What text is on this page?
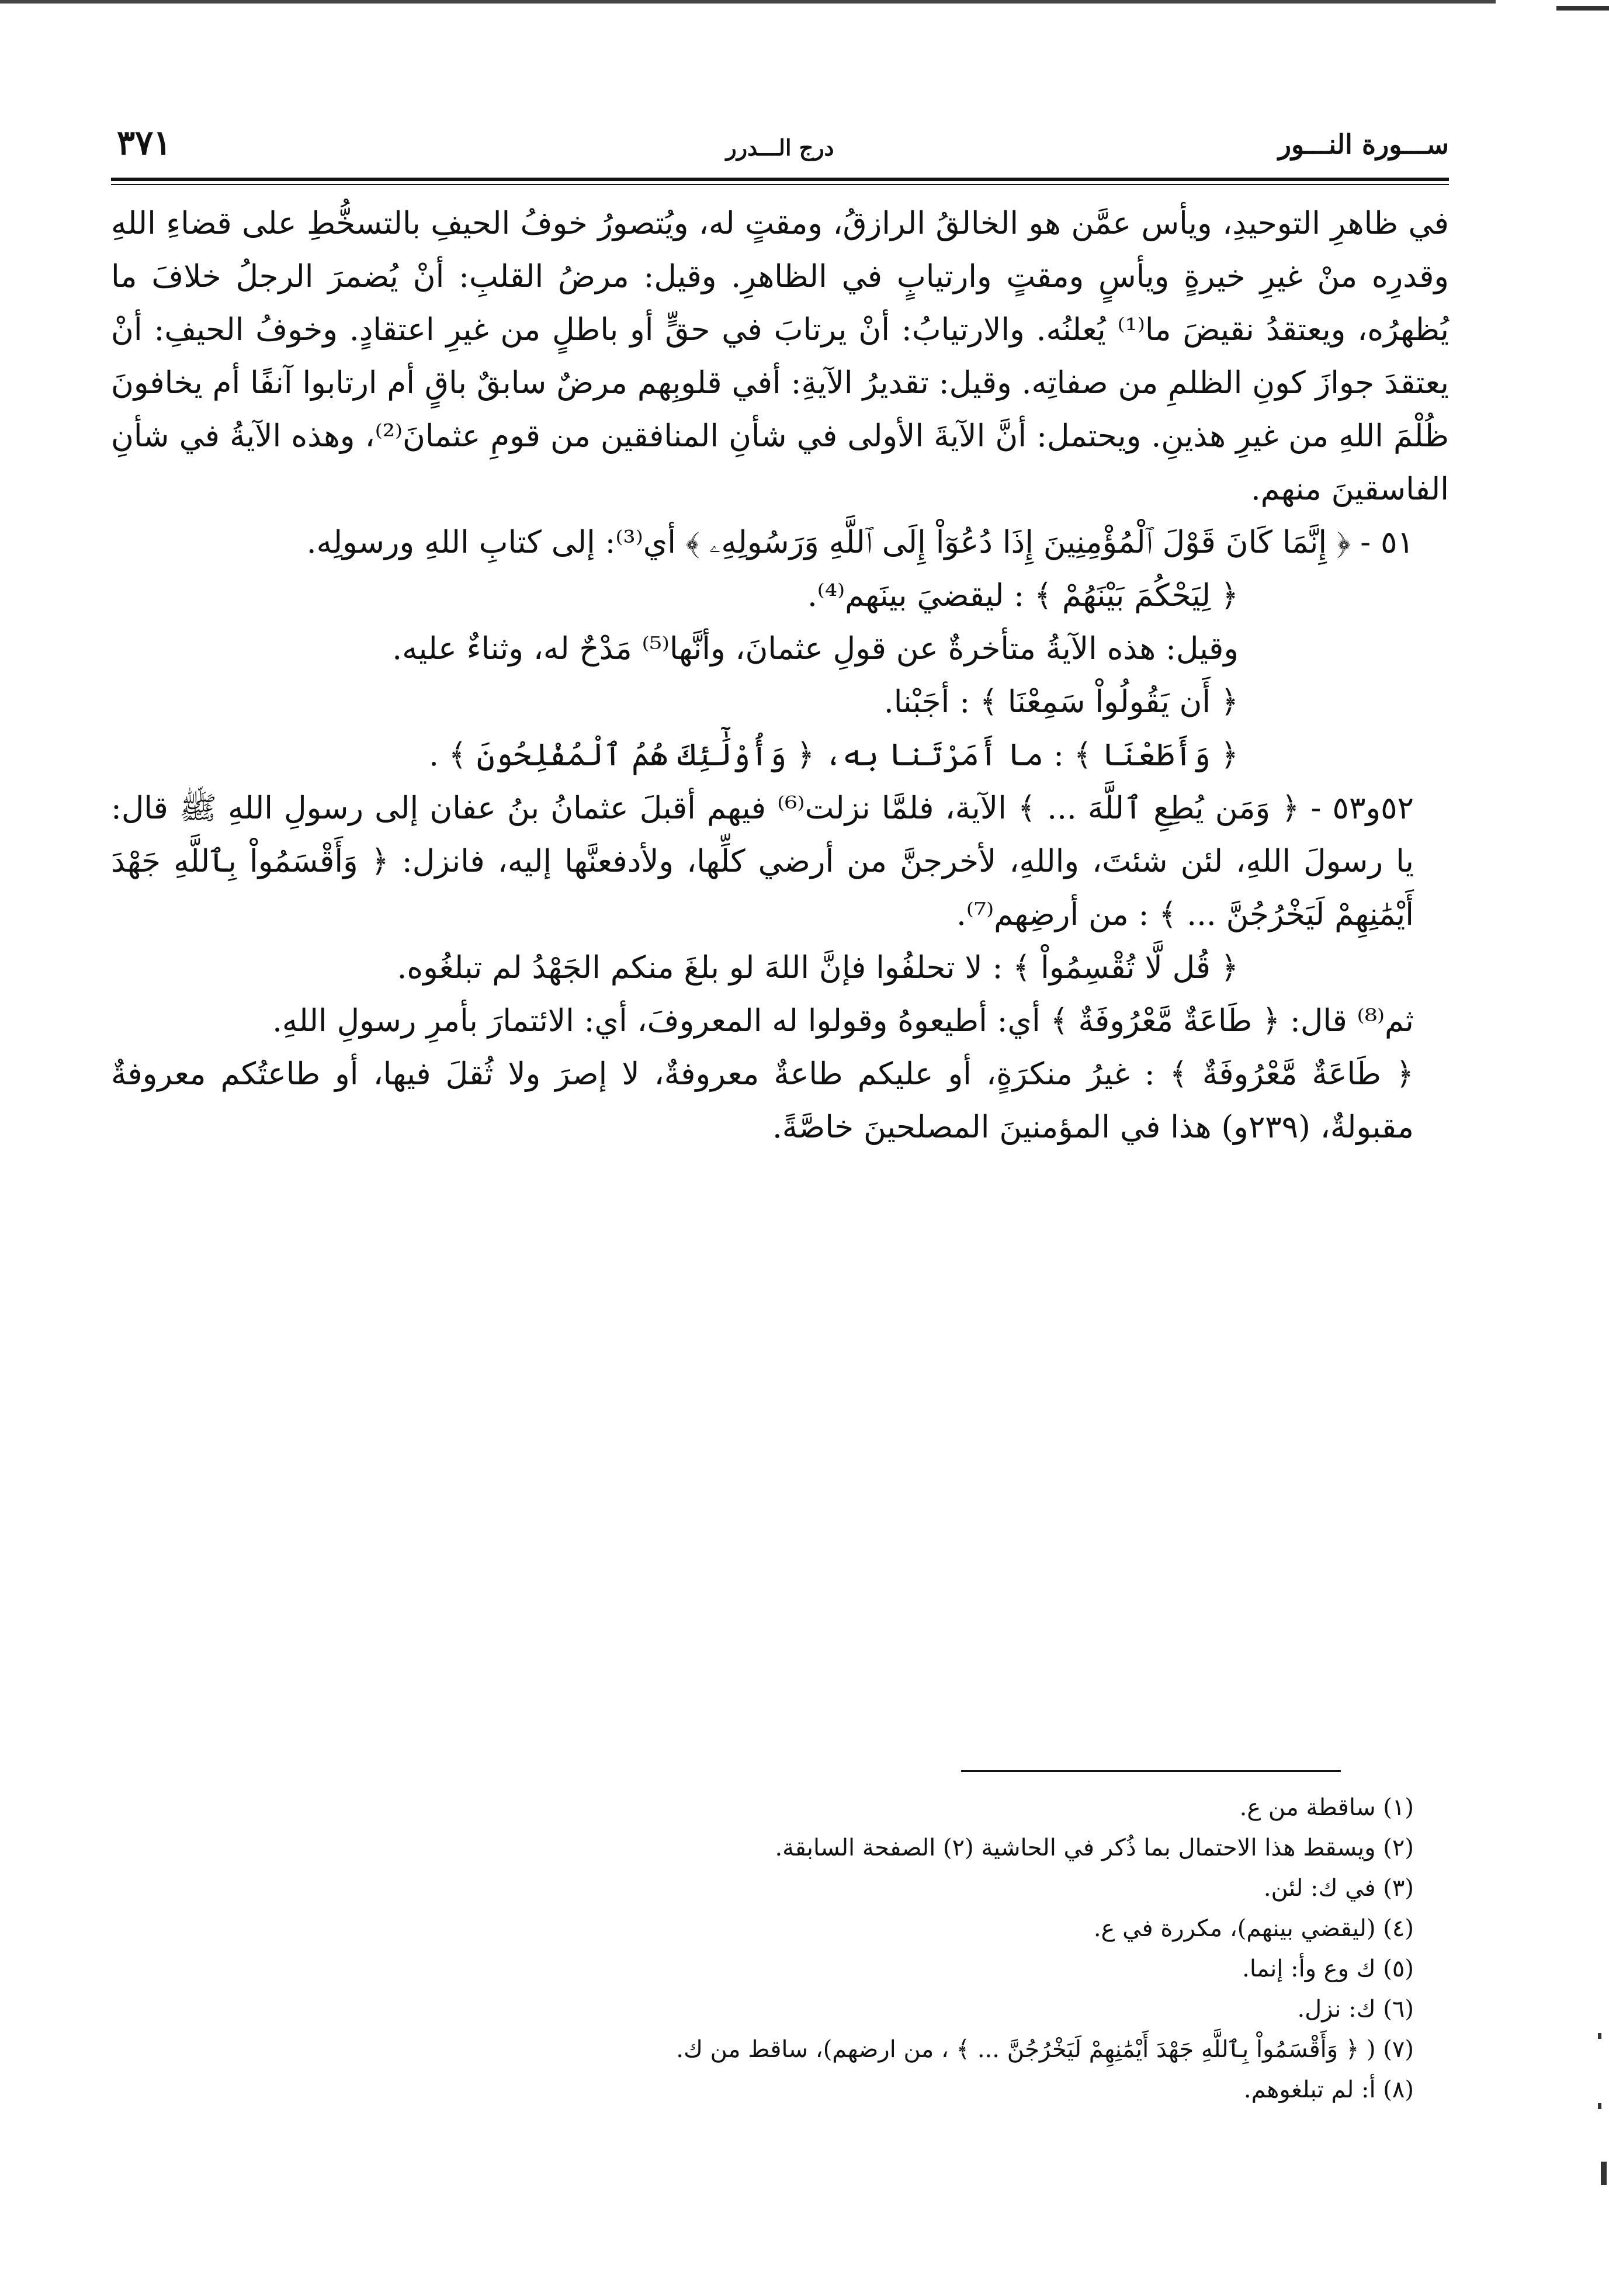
ســـورة النـــور
درج الـــدرر
٣٧١

في ظاهرِ التوحيدِ، ويأس عمَّن هو الخالقُ الرازقُ، ومقتٍ له، ويُتصورُ خوفُ الحيفِ بالتسخُّطِ على قضاءِ اللهِ وقدرِه منْ غيرِ خيرةٍ ويأسٍ ومقتٍ وارتيابٍ في الظاهرِ. وقيل: مرضُ القلبِ: أنْ يُضمرَ الرجلُ خلافَ ما يُظهرُه، ويعتقدُ نقيضَ ما⁽¹⁾ يُعلنُه. والارتيابُ: أنْ يرتابَ في حقٍّ أو باطلٍ من غيرِ اعتقادٍ. وخوفُ الحيفِ: أنْ يعتقدَ جوازَ كونِ الظلمِ من صفاتِه. وقيل: تقديرُ الآيةِ: أفي قلوبِهم مرضٌ سابقٌ باقٍ أم ارتابوا آنفًا أم يخافونَ ظُلْمَ اللهِ من غيرِ هذينِ. ويحتمل: أنَّ الآيةَ الأولى في شأنِ المنافقين من قومِ عثمانَ⁽²⁾، وهذه الآيةُ في شأنِ الفاسقينَ منهم.

٥١ - ﴿ إِنَّمَا كَانَ قَوْلَ ٱلْمُؤْمِنِينَ إِذَا دُعُوٓاْ إِلَى ٱللَّهِ وَرَسُولِهِۦ ﴾ أي⁽³⁾: إلى كتابِ اللهِ ورسولِه.

﴿ لِيَحْكُمَ بَيْنَهُمْ ﴾ : ليقضيَ بينَهم⁽⁴⁾.

وقيل: هذه الآيةُ متأخرةٌ عن قولِ عثمانَ، وأنَّها⁽⁵⁾ مَدْحٌ له، وثناءٌ عليه.

﴿ أَن يَقُولُواْ سَمِعْنَا ﴾ : أجَبْنا.

﴿ وَأَطَعْنَا ﴾ : ما أَمَرْتَنا به، ﴿ وَأُوْلَٰٓئِكَ هُمُ ٱلْمُفْلِحُونَ ﴾ .

٥٢و٥٣ - ﴿ وَمَن يُطِعِ ٱللَّهَ ... ﴾ الآية، فلمَّا نزلت⁽⁶⁾ فيهم أقبلَ عثمانُ بنُ عفان إلى رسولِ اللهِ ﷺ قال: يا رسولَ اللهِ، لئن شئتَ، واللهِ، لأخرجنَّ من أرضي كلِّها، ولأدفعنَّها إليه، فانزل: ﴿ وَأَقْسَمُواْ بِٱللَّهِ جَهْدَ أَيْمَٰنِهِمْ لَيَخْرُجُنَّ ... ﴾ : من أرضِهم⁽⁷⁾.

﴿ قُل لَّا تُقْسِمُواْ ﴾ : لا تحلفُوا فإنَّ اللهَ لو بلغَ منكم الجَهْدُ لم تبلغُوه.

ثم⁽⁸⁾ قال: ﴿ طَاعَةٌ مَّعْرُوفَةٌ ﴾ أي: أطيعوهُ وقولوا له المعروفَ، أي: الائتمارَ بأمرِ رسولِ اللهِ.

﴿ طَاعَةٌ مَّعْرُوفَةٌ ﴾ : غيرُ منكرَةٍ، أو عليكم طاعةٌ معروفةٌ، لا إصرَ ولا ثُقلَ فيها، أو طاعتُكم معروفةٌ مقبولةٌ، (٢٣٩و) هذا في المؤمنينَ المصلحينَ خاصَّةً.

(١) ساقطة من ع.

(٢) ويسقط هذا الاحتمال بما ذُكر في الحاشية (٢) الصفحة السابقة.

(٣) في ك: لئن.

(٤) (ليقضي بينهم)، مكررة في ع.

(٥) ك وع وأ: إنما.

(٦) ك: نزل.

(٧) ( ﴿ وَأَقْسَمُواْ بِٱللَّهِ جَهْدَ أَيْمَٰنِهِمْ لَيَخْرُجُنَّ ... ﴾ ، من ارضهم)، ساقط من ك.

(٨) أ: لم تبلغوهم.
